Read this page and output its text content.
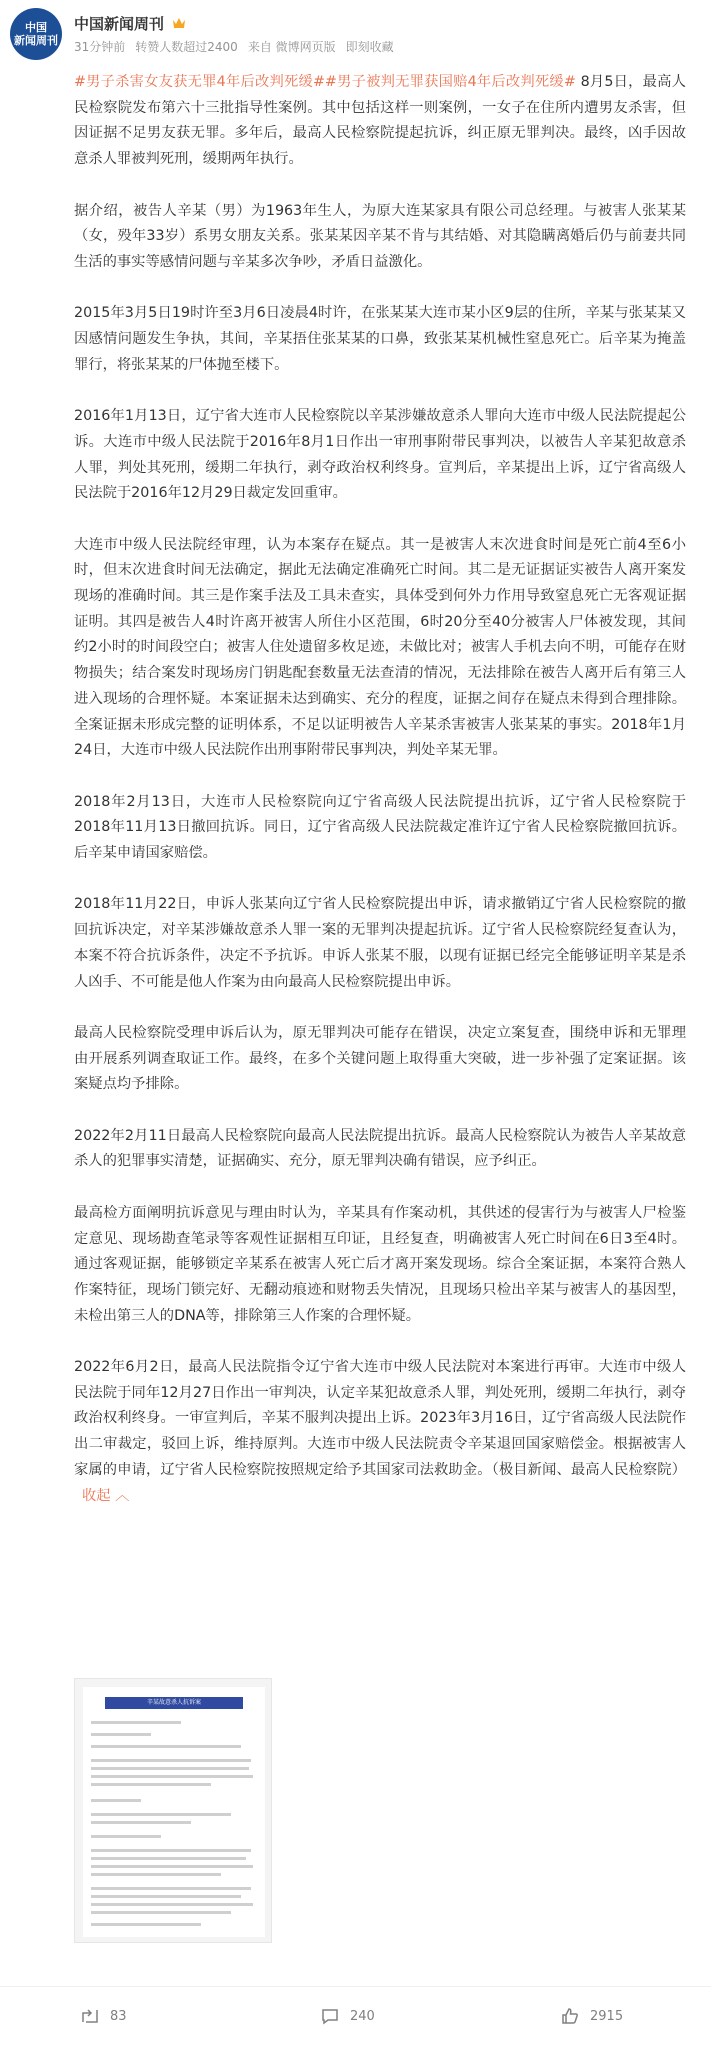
中国
新闻周刊
中国新闻周刊
31分钟前 转赞人数超过2400 来自 微博网页版 即刻收藏

#男子杀害女友获无罪4年后改判死缓##男子被判无罪获国赔4年后改判死缓# 8月5日，最高人民检察院发布第六十三批指导性案例。其中包括这样一则案例，一女子在住所内遭男友杀害，但因证据不足男友获无罪。多年后，最高人民检察院提起抗诉，纠正原无罪判决。最终，凶手因故意杀人罪被判死刑，缓期两年执行。

据介绍，被告人辛某（男）为1963年生人，为原大连某家具有限公司总经理。与被害人张某某（女，殁年33岁）系男女朋友关系。张某某因辛某不肯与其结婚、对其隐瞒离婚后仍与前妻共同生活的事实等感情问题与辛某多次争吵，矛盾日益激化。

2015年3月5日19时许至3月6日凌晨4时许，在张某某大连市某小区9层的住所，辛某与张某某又因感情问题发生争执，其间，辛某捂住张某某的口鼻，致张某某机械性窒息死亡。后辛某为掩盖罪行，将张某某的尸体抛至楼下。

2016年1月13日，辽宁省大连市人民检察院以辛某涉嫌故意杀人罪向大连市中级人民法院提起公诉。大连市中级人民法院于2016年8月1日作出一审刑事附带民事判决，以被告人辛某犯故意杀人罪，判处其死刑，缓期二年执行，剥夺政治权利终身。宣判后，辛某提出上诉，辽宁省高级人民法院于2016年12月29日裁定发回重审。

大连市中级人民法院经审理，认为本案存在疑点。其一是被害人末次进食时间是死亡前4至6小时，但末次进食时间无法确定，据此无法确定准确死亡时间。其二是无证据证实被告人离开案发现场的准确时间。其三是作案手法及工具未查实，具体受到何外力作用导致窒息死亡无客观证据证明。其四是被告人4时许离开被害人所住小区范围，6时20分至40分被害人尸体被发现，其间约2小时的时间段空白；被害人住处遗留多枚足迹，未做比对；被害人手机去向不明，可能存在财物损失；结合案发时现场房门钥匙配套数量无法查清的情况，无法排除在被告人离开后有第三人进入现场的合理怀疑。本案证据未达到确实、充分的程度，证据之间存在疑点未得到合理排除。全案证据未形成完整的证明体系，不足以证明被告人辛某杀害被害人张某某的事实。2018年1月24日，大连市中级人民法院作出刑事附带民事判决，判处辛某无罪。

2018年2月13日，大连市人民检察院向辽宁省高级人民法院提出抗诉，辽宁省人民检察院于2018年11月13日撤回抗诉。同日，辽宁省高级人民法院裁定准许辽宁省人民检察院撤回抗诉。后辛某申请国家赔偿。

2018年11月22日，申诉人张某向辽宁省人民检察院提出申诉，请求撤销辽宁省人民检察院的撤回抗诉决定，对辛某涉嫌故意杀人罪一案的无罪判决提起抗诉。辽宁省人民检察院经复查认为，本案不符合抗诉条件，决定不予抗诉。申诉人张某不服，以现有证据已经完全能够证明辛某是杀人凶手、不可能是他人作案为由向最高人民检察院提出申诉。

最高人民检察院受理申诉后认为，原无罪判决可能存在错误，决定立案复查，围绕申诉和无罪理由开展系列调查取证工作。最终，在多个关键问题上取得重大突破，进一步补强了定案证据。该案疑点均予排除。

2022年2月11日最高人民检察院向最高人民法院提出抗诉。最高人民检察院认为被告人辛某故意杀人的犯罪事实清楚，证据确实、充分，原无罪判决确有错误，应予纠正。

最高检方面阐明抗诉意见与理由时认为，辛某具有作案动机，其供述的侵害行为与被害人尸检鉴定意见、现场勘查笔录等客观性证据相互印证，且经复查，明确被害人死亡时间在6日3至4时。通过客观证据，能够锁定辛某系在被害人死亡后才离开案发现场。综合全案证据，本案符合熟人作案特征，现场门锁完好、无翻动痕迹和财物丢失情况，且现场只检出辛某与被害人的基因型，未检出第三人的DNA等，排除第三人作案的合理怀疑。

2022年6月2日，最高人民法院指令辽宁省大连市中级人民法院对本案进行再审。大连市中级人民法院于同年12月27日作出一审判决，认定辛某犯故意杀人罪，判处死刑，缓期二年执行，剥夺政治权利终身。一审宣判后，辛某不服判决提出上诉。2023年3月16日，辽宁省高级人民法院作出二审裁定，驳回上诉，维持原判。大连市中级人民法院责令辛某退回国家赔偿金。根据被害人家属的申请，辽宁省人民检察院按照规定给予其国家司法救助金。（极目新闻、最高人民检察院）收起 ︿

辛某故意杀人抗诉案
83	240	2915
